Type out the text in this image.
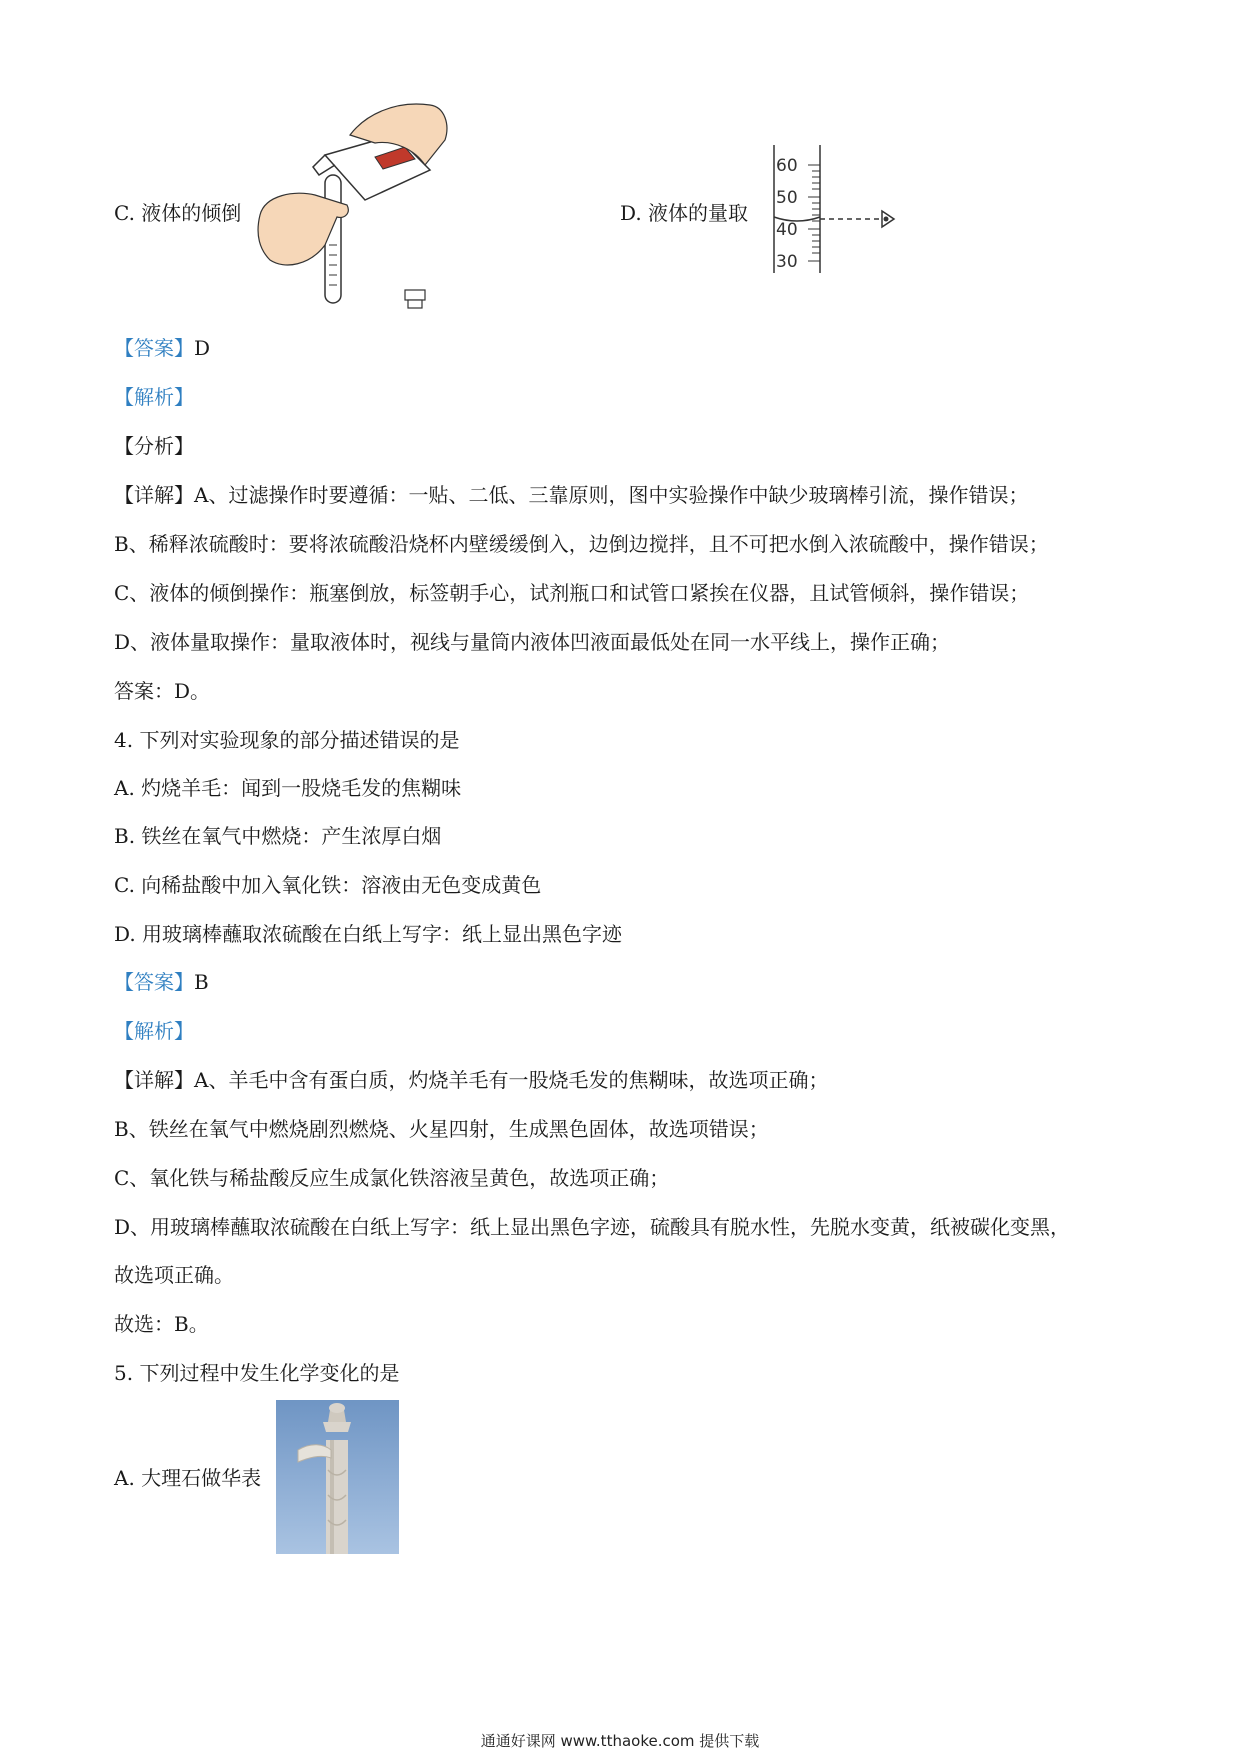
C. 液体的倾倒	D. 液体的量取
60
50
40
30
【答案】D
【解析】
【分析】
【详解】A、过滤操作时要遵循：一贴、二低、三靠原则，图中实验操作中缺少玻璃棒引流，操作错误；
B、稀释浓硫酸时：要将浓硫酸沿烧杯内壁缓缓倒入，边倒边搅拌，且不可把水倒入浓硫酸中，操作错误；
C、液体的倾倒操作：瓶塞倒放，标签朝手心，试剂瓶口和试管口紧挨在仪器，且试管倾斜，操作错误；
D、液体量取操作：量取液体时，视线与量筒内液体凹液面最低处在同一水平线上，操作正确；
答案：D。
4. 下列对实验现象的部分描述错误的是
A. 灼烧羊毛：闻到一股烧毛发的焦糊味
B. 铁丝在氧气中燃烧：产生浓厚白烟
C. 向稀盐酸中加入氧化铁：溶液由无色变成黄色
D. 用玻璃棒蘸取浓硫酸在白纸上写字：纸上显出黑色字迹
【答案】B
【解析】
【详解】A、羊毛中含有蛋白质，灼烧羊毛有一股烧毛发的焦糊味，故选项正确；
B、铁丝在氧气中燃烧剧烈燃烧、火星四射，生成黑色固体，故选项错误；
C、氧化铁与稀盐酸反应生成氯化铁溶液呈黄色，故选项正确；
D、用玻璃棒蘸取浓硫酸在白纸上写字：纸上显出黑色字迹，硫酸具有脱水性，先脱水变黄，纸被碳化变黑，
故选项正确。
故选：B。
5. 下列过程中发生化学变化的是
A. 大理石做华表
通通好课网 www.tthaoke.com 提供下载
